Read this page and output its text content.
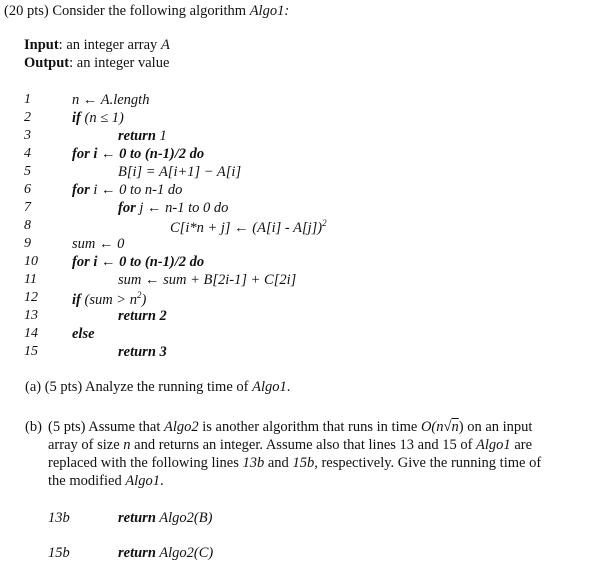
(20 pts) Consider the following algorithm Algo1:
Input: an integer array A
Output: an integer value
1
2
3
4
5
6
7
8
9
10
11
12
13
14
15
n ← A.length
if (n ≤ 1)
return 1
for i ← 0 to (n-1)/2 do
B[i] = A[i+1] − A[i]
for i ← 0 to n-1 do
for j ← n-1 to 0 do
C[i*n + j] ← (A[i] - A[j])$^2$
sum ← 0
for i ← 0 to (n-1)/2 do
sum ← sum + B[2i-1] + C[2i]
if $(sum > n^2)$
return 2
else
return 3
(a) (5 pts) Analyze the running time of Algo1.
(b) (5 pts) Assume that Algo2 is another algorithm that runs in time O(n√n) on an input
array of size n and returns an integer. Assume also that lines 13 and 15 of Algo1 are
replaced with the following lines 13b and 15b, respectively. Give the running time of
the modified Algo1.
13b	return Algo2(B)
15b	return Algo2(C)
